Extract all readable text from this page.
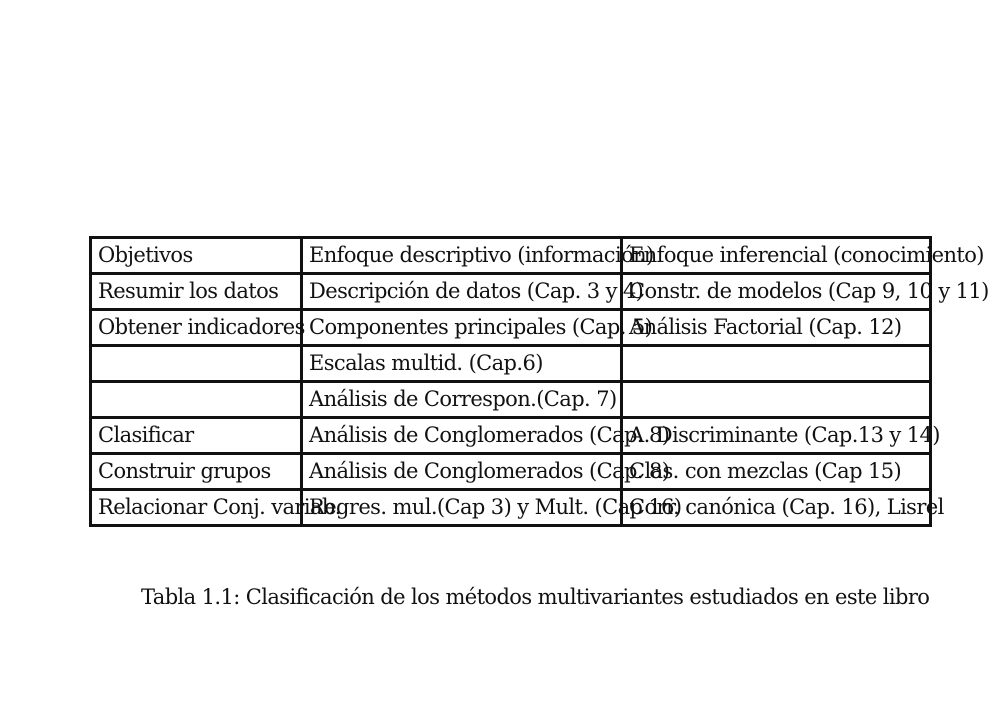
Objetivos	Enfoque descriptivo (información)	Enfoque inferencial (conocimiento)
Resumir los datos	Descripción de datos (Cap. 3 y 4)	Constr. de modelos (Cap 9, 10 y 11)
Obtener indicadores	Componentes principales (Cap. 5)	Análisis Factorial (Cap. 12)
	Escalas multid. (Cap.6)	
	Análisis de Correspon.(Cap. 7)	
Clasificar	Análisis de Conglomerados (Cap. 8)	A. Discriminante (Cap.13 y 14)
Construir grupos	Análisis de Conglomerados (Cap. 8)	Clas. con mezclas (Cap 15)
Relacionar Conj. variab.	Regres. mul.(Cap 3) y Mult. (Cap 16)	Corr. canónica (Cap. 16), Lisrel
Tabla 1.1: Clasificación de los métodos multivariantes estudiados en este libro
